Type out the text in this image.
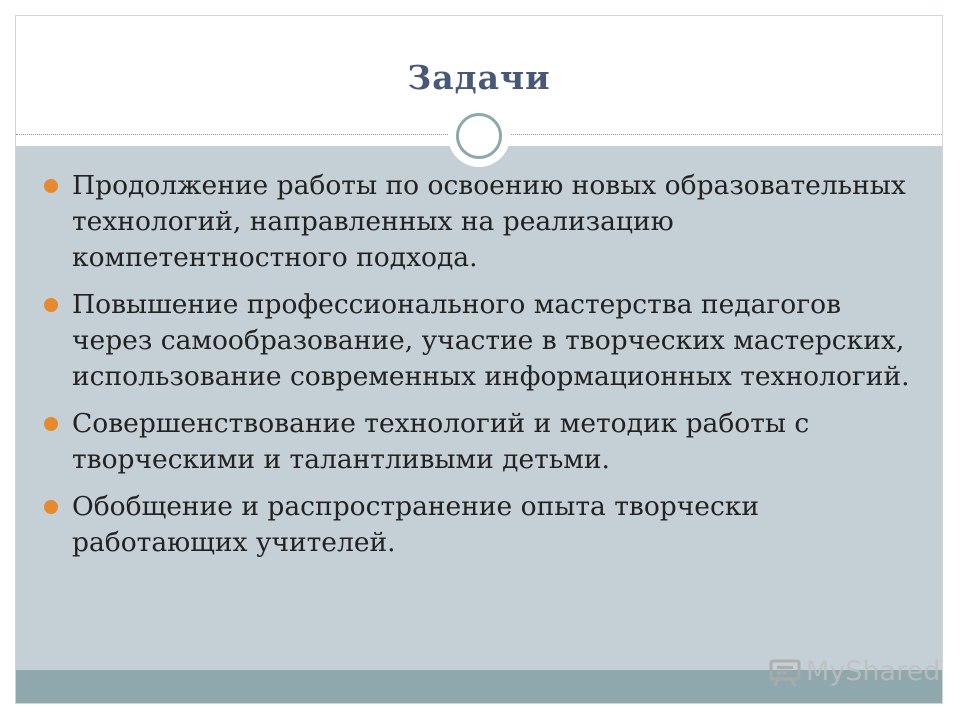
Задачи
Продолжение работы по освоению новых образовательных технологий, направленных на реализацию компетентностного подхода.
Повышение профессионального мастерства педагогов через самообразование, участие в творческих мастерских, использование современных информационных технологий.
Совершенствование технологий и методик работы с творческими и талантливыми детьми.
Обобщение и распространение опыта творчески работающих учителей.
MyShared
